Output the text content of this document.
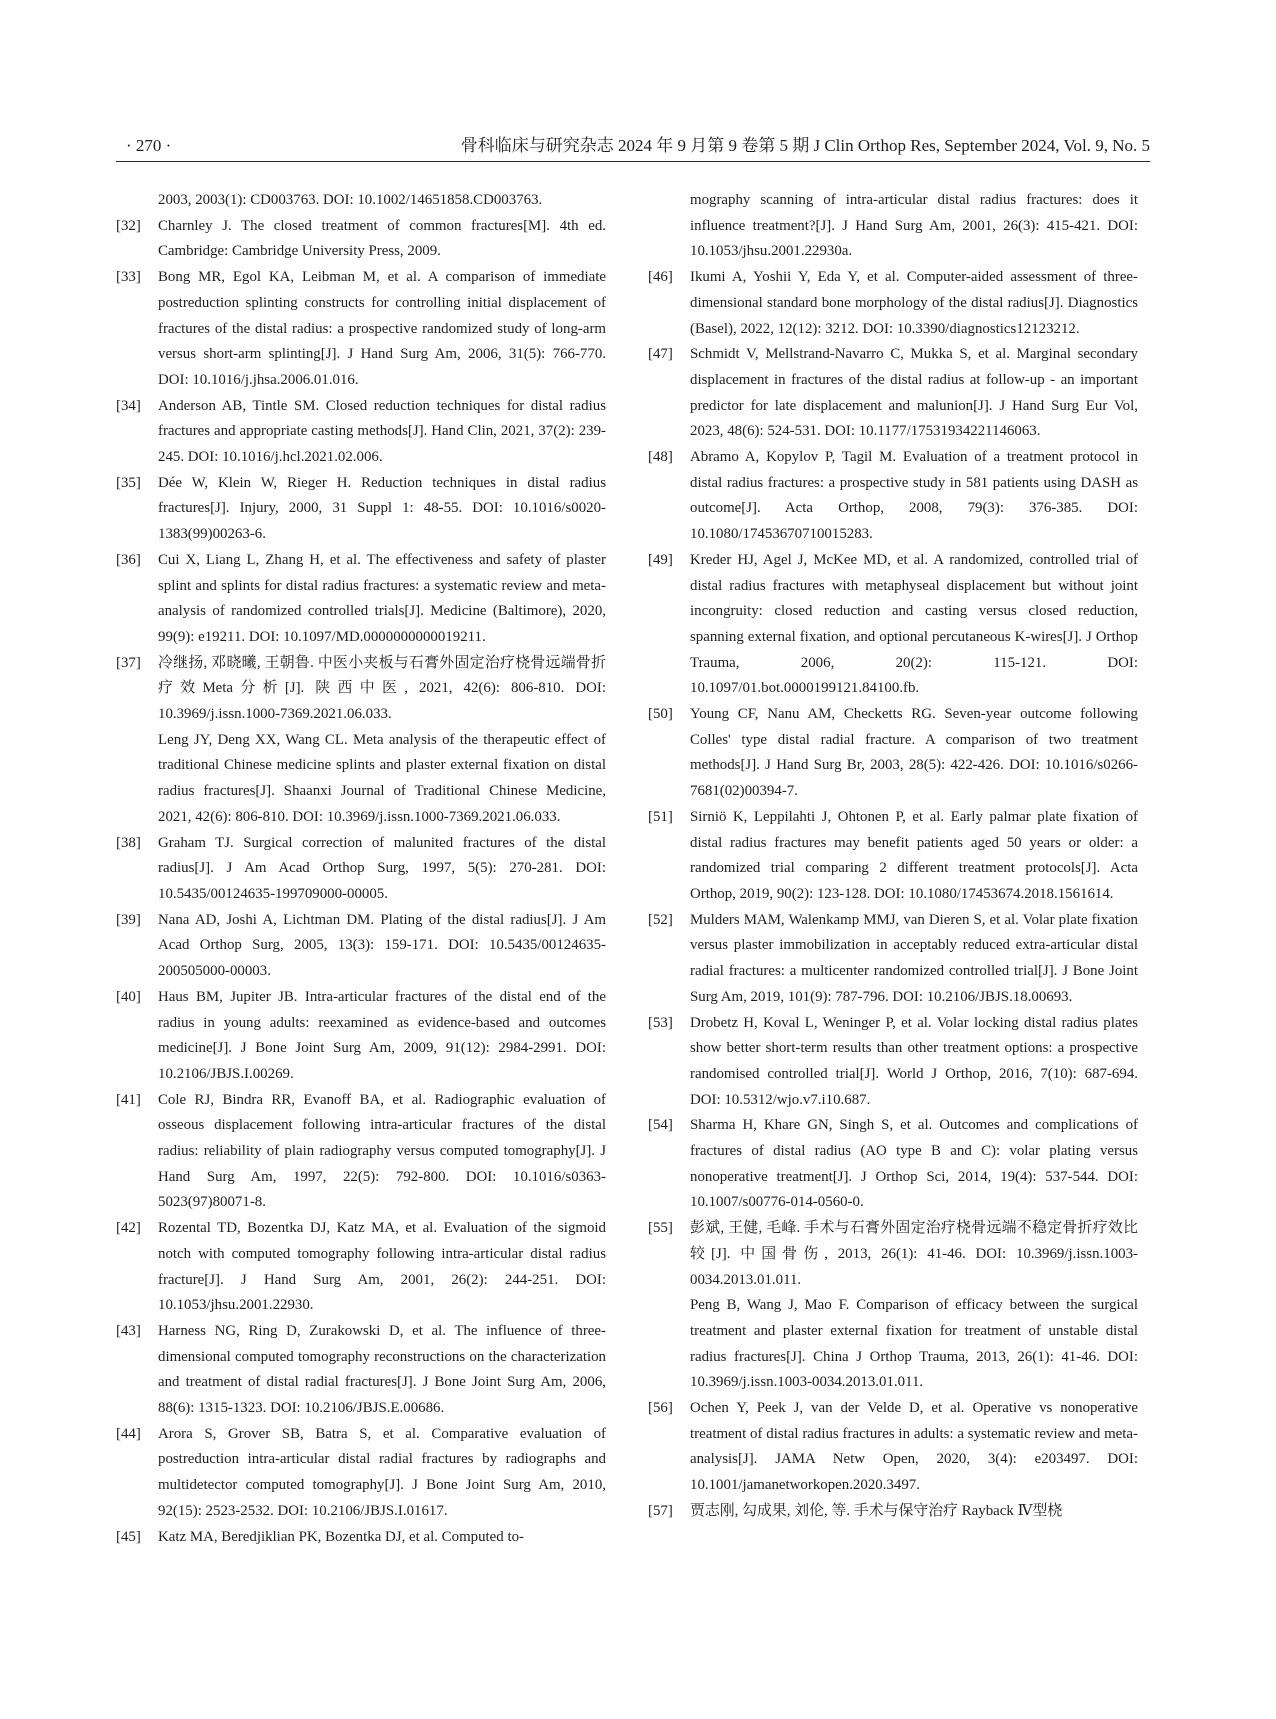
· 270 ·	骨科临床与研究杂志 2024 年 9 月第 9 卷第 5 期 J Clin Orthop Res, September 2024, Vol. 9, No. 5

2003, 2003(1): CD003763. DOI: 10.1002/14651858.CD003763.

[32]	Charnley J. The closed treatment of common fractures[M]. 4th ed. Cambridge: Cambridge University Press, 2009.

[33]	Bong MR, Egol KA, Leibman M, et al. A comparison of immediate postreduction splinting constructs for controlling initial displacement of fractures of the distal radius: a prospective randomized study of long-arm versus short-arm splinting[J]. J Hand Surg Am, 2006, 31(5): 766-770. DOI: 10.1016/j.jhsa.2006.01.016.

[34]	Anderson AB, Tintle SM. Closed reduction techniques for distal radius fractures and appropriate casting methods[J]. Hand Clin, 2021, 37(2): 239-245. DOI: 10.1016/j.hcl.2021.02.006.

[35]	Dée W, Klein W, Rieger H. Reduction techniques in distal radius fractures[J]. Injury, 2000, 31 Suppl 1: 48-55. DOI: 10.1016/s0020-1383(99)00263-6.

[36]	Cui X, Liang L, Zhang H, et al. The effectiveness and safety of plaster splint and splints for distal radius fractures: a systematic review and meta-analysis of randomized controlled trials[J]. Medicine (Baltimore), 2020, 99(9): e19211. DOI: 10.1097/MD.0000000000019211.

[37]	冷继扬, 邓晓曦, 王朝鲁. 中医小夹板与石膏外固定治疗桡骨远端骨折疗效Meta分析[J]. 陕西中医, 2021, 42(6): 806-810. DOI: 10.3969/j.issn.1000-7369.2021.06.033.

Leng JY, Deng XX, Wang CL. Meta analysis of the therapeutic effect of traditional Chinese medicine splints and plaster external fixation on distal radius fractures[J]. Shaanxi Journal of Traditional Chinese Medicine, 2021, 42(6): 806-810. DOI: 10.3969/j.issn.1000-7369.2021.06.033.

[38]	Graham TJ. Surgical correction of malunited fractures of the distal radius[J]. J Am Acad Orthop Surg, 1997, 5(5): 270-281. DOI: 10.5435/00124635-199709000-00005.

[39]	Nana AD, Joshi A, Lichtman DM. Plating of the distal radius[J]. J Am Acad Orthop Surg, 2005, 13(3): 159-171. DOI: 10.5435/00124635-200505000-00003.

[40]	Haus BM, Jupiter JB. Intra-articular fractures of the distal end of the radius in young adults: reexamined as evidence-based and outcomes medicine[J]. J Bone Joint Surg Am, 2009, 91(12): 2984-2991. DOI: 10.2106/JBJS.I.00269.

[41]	Cole RJ, Bindra RR, Evanoff BA, et al. Radiographic evaluation of osseous displacement following intra-articular fractures of the distal radius: reliability of plain radiography versus computed tomography[J]. J Hand Surg Am, 1997, 22(5): 792-800. DOI: 10.1016/s0363-5023(97)80071-8.

[42]	Rozental TD, Bozentka DJ, Katz MA, et al. Evaluation of the sigmoid notch with computed tomography following intra-articular distal radius fracture[J]. J Hand Surg Am, 2001, 26(2): 244-251. DOI: 10.1053/jhsu.2001.22930.

[43]	Harness NG, Ring D, Zurakowski D, et al. The influence of three-dimensional computed tomography reconstructions on the characterization and treatment of distal radial fractures[J]. J Bone Joint Surg Am, 2006, 88(6): 1315-1323. DOI: 10.2106/JBJS.E.00686.

[44]	Arora S, Grover SB, Batra S, et al. Comparative evaluation of postreduction intra-articular distal radial fractures by radiographs and multidetector computed tomography[J]. J Bone Joint Surg Am, 2010, 92(15): 2523-2532. DOI: 10.2106/JBJS.I.01617.

[45]	Katz MA, Beredjiklian PK, Bozentka DJ, et al. Computed to-

mography scanning of intra-articular distal radius fractures: does it influence treatment?[J]. J Hand Surg Am, 2001, 26(3): 415-421. DOI: 10.1053/jhsu.2001.22930a.

[46]	Ikumi A, Yoshii Y, Eda Y, et al. Computer-aided assessment of three-dimensional standard bone morphology of the distal radius[J]. Diagnostics (Basel), 2022, 12(12): 3212. DOI: 10.3390/diagnostics12123212.

[47]	Schmidt V, Mellstrand-Navarro C, Mukka S, et al. Marginal secondary displacement in fractures of the distal radius at follow-up - an important predictor for late displacement and malunion[J]. J Hand Surg Eur Vol, 2023, 48(6): 524-531. DOI: 10.1177/17531934221146063.

[48]	Abramo A, Kopylov P, Tagil M. Evaluation of a treatment protocol in distal radius fractures: a prospective study in 581 patients using DASH as outcome[J]. Acta Orthop, 2008, 79(3): 376-385. DOI: 10.1080/17453670710015283.

[49]	Kreder HJ, Agel J, McKee MD, et al. A randomized, controlled trial of distal radius fractures with metaphyseal displacement but without joint incongruity: closed reduction and casting versus closed reduction, spanning external fixation, and optional percutaneous K-wires[J]. J Orthop Trauma, 2006, 20(2): 115-121. DOI: 10.1097/01.bot.0000199121.84100.fb.

[50]	Young CF, Nanu AM, Checketts RG. Seven-year outcome following Colles' type distal radial fracture. A comparison of two treatment methods[J]. J Hand Surg Br, 2003, 28(5): 422-426. DOI: 10.1016/s0266-7681(02)00394-7.

[51]	Sirniö K, Leppilahti J, Ohtonen P, et al. Early palmar plate fixation of distal radius fractures may benefit patients aged 50 years or older: a randomized trial comparing 2 different treatment protocols[J]. Acta Orthop, 2019, 90(2): 123-128. DOI: 10.1080/17453674.2018.1561614.

[52]	Mulders MAM, Walenkamp MMJ, van Dieren S, et al. Volar plate fixation versus plaster immobilization in acceptably reduced extra-articular distal radial fractures: a multicenter randomized controlled trial[J]. J Bone Joint Surg Am, 2019, 101(9): 787-796. DOI: 10.2106/JBJS.18.00693.

[53]	Drobetz H, Koval L, Weninger P, et al. Volar locking distal radius plates show better short-term results than other treatment options: a prospective randomised controlled trial[J]. World J Orthop, 2016, 7(10): 687-694. DOI: 10.5312/wjo.v7.i10.687.

[54]	Sharma H, Khare GN, Singh S, et al. Outcomes and complications of fractures of distal radius (AO type B and C): volar plating versus nonoperative treatment[J]. J Orthop Sci, 2014, 19(4): 537-544. DOI: 10.1007/s00776-014-0560-0.

[55]	彭斌, 王健, 毛峰. 手术与石膏外固定治疗桡骨远端不稳定骨折疗效比较[J]. 中国骨伤, 2013, 26(1): 41-46. DOI: 10.3969/j.issn.1003-0034.2013.01.011.

Peng B, Wang J, Mao F. Comparison of efficacy between the surgical treatment and plaster external fixation for treatment of unstable distal radius fractures[J]. China J Orthop Trauma, 2013, 26(1): 41-46. DOI: 10.3969/j.issn.1003-0034.2013.01.011.

[56]	Ochen Y, Peek J, van der Velde D, et al. Operative vs nonoperative treatment of distal radius fractures in adults: a systematic review and meta-analysis[J]. JAMA Netw Open, 2020, 3(4): e203497. DOI: 10.1001/jamanetworkopen.2020.3497.

[57]	贾志刚, 勾成果, 刘伦, 等. 手术与保守治疗 Rayback Ⅳ型桡
